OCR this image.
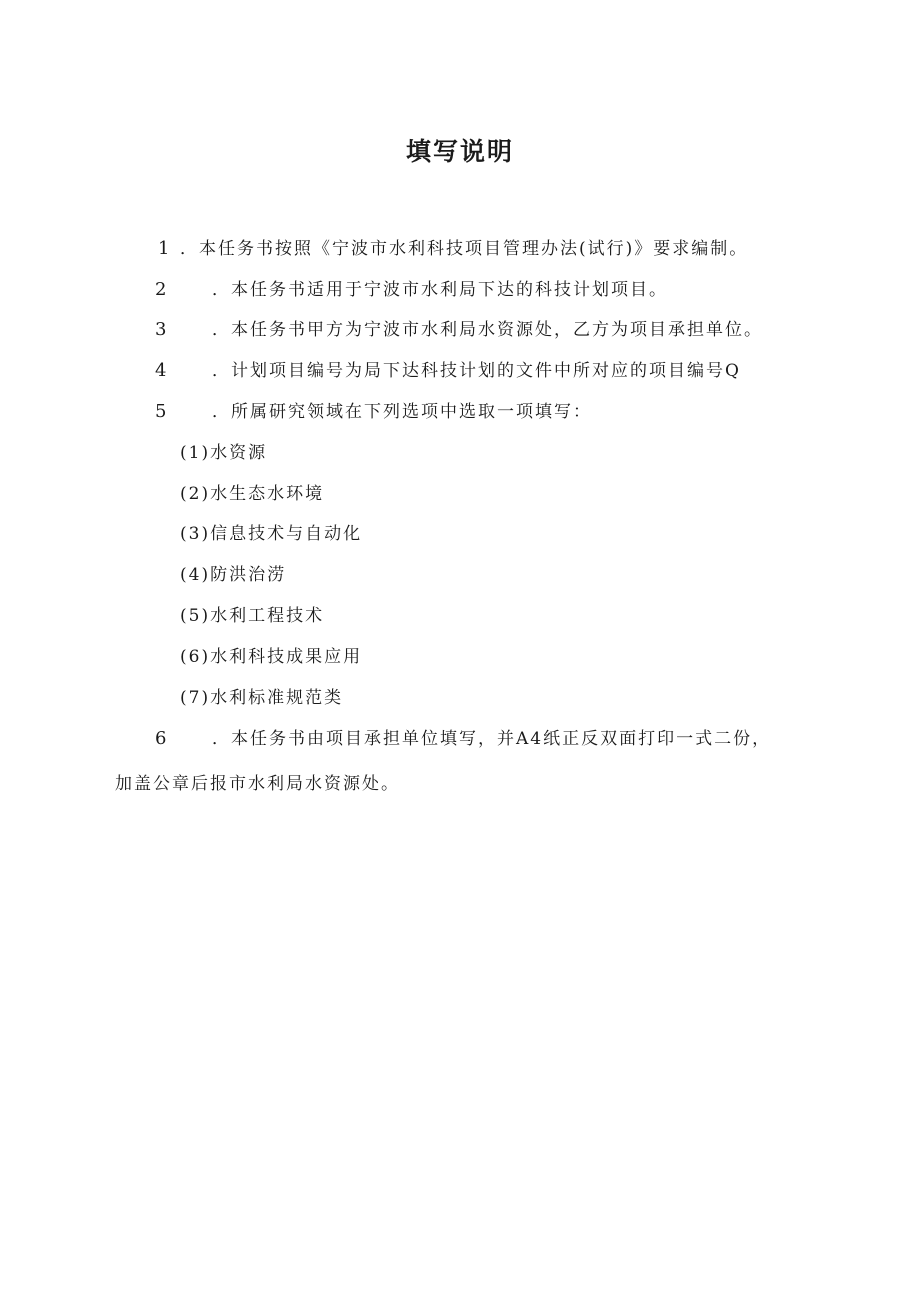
填写说明
1 ．本任务书按照《宁波市水利科技项目管理办法(试行)》要求编制。
2	．本任务书适用于宁波市水利局下达的科技计划项目。
3	．本任务书甲方为宁波市水利局水资源处，乙方为项目承担单位。
4	．计划项目编号为局下达科技计划的文件中所对应的项目编号Q
5	．所属研究领域在下列选项中选取一项填写：
(1)水资源
(2)水生态水环境
(3)信息技术与自动化
(4)防洪治涝
(5)水利工程技术
(6)水利科技成果应用
(7)水利标准规范类
6	．本任务书由项目承担单位填写，并A4纸正反双面打印一式二份，
加盖公章后报市水利局水资源处。
